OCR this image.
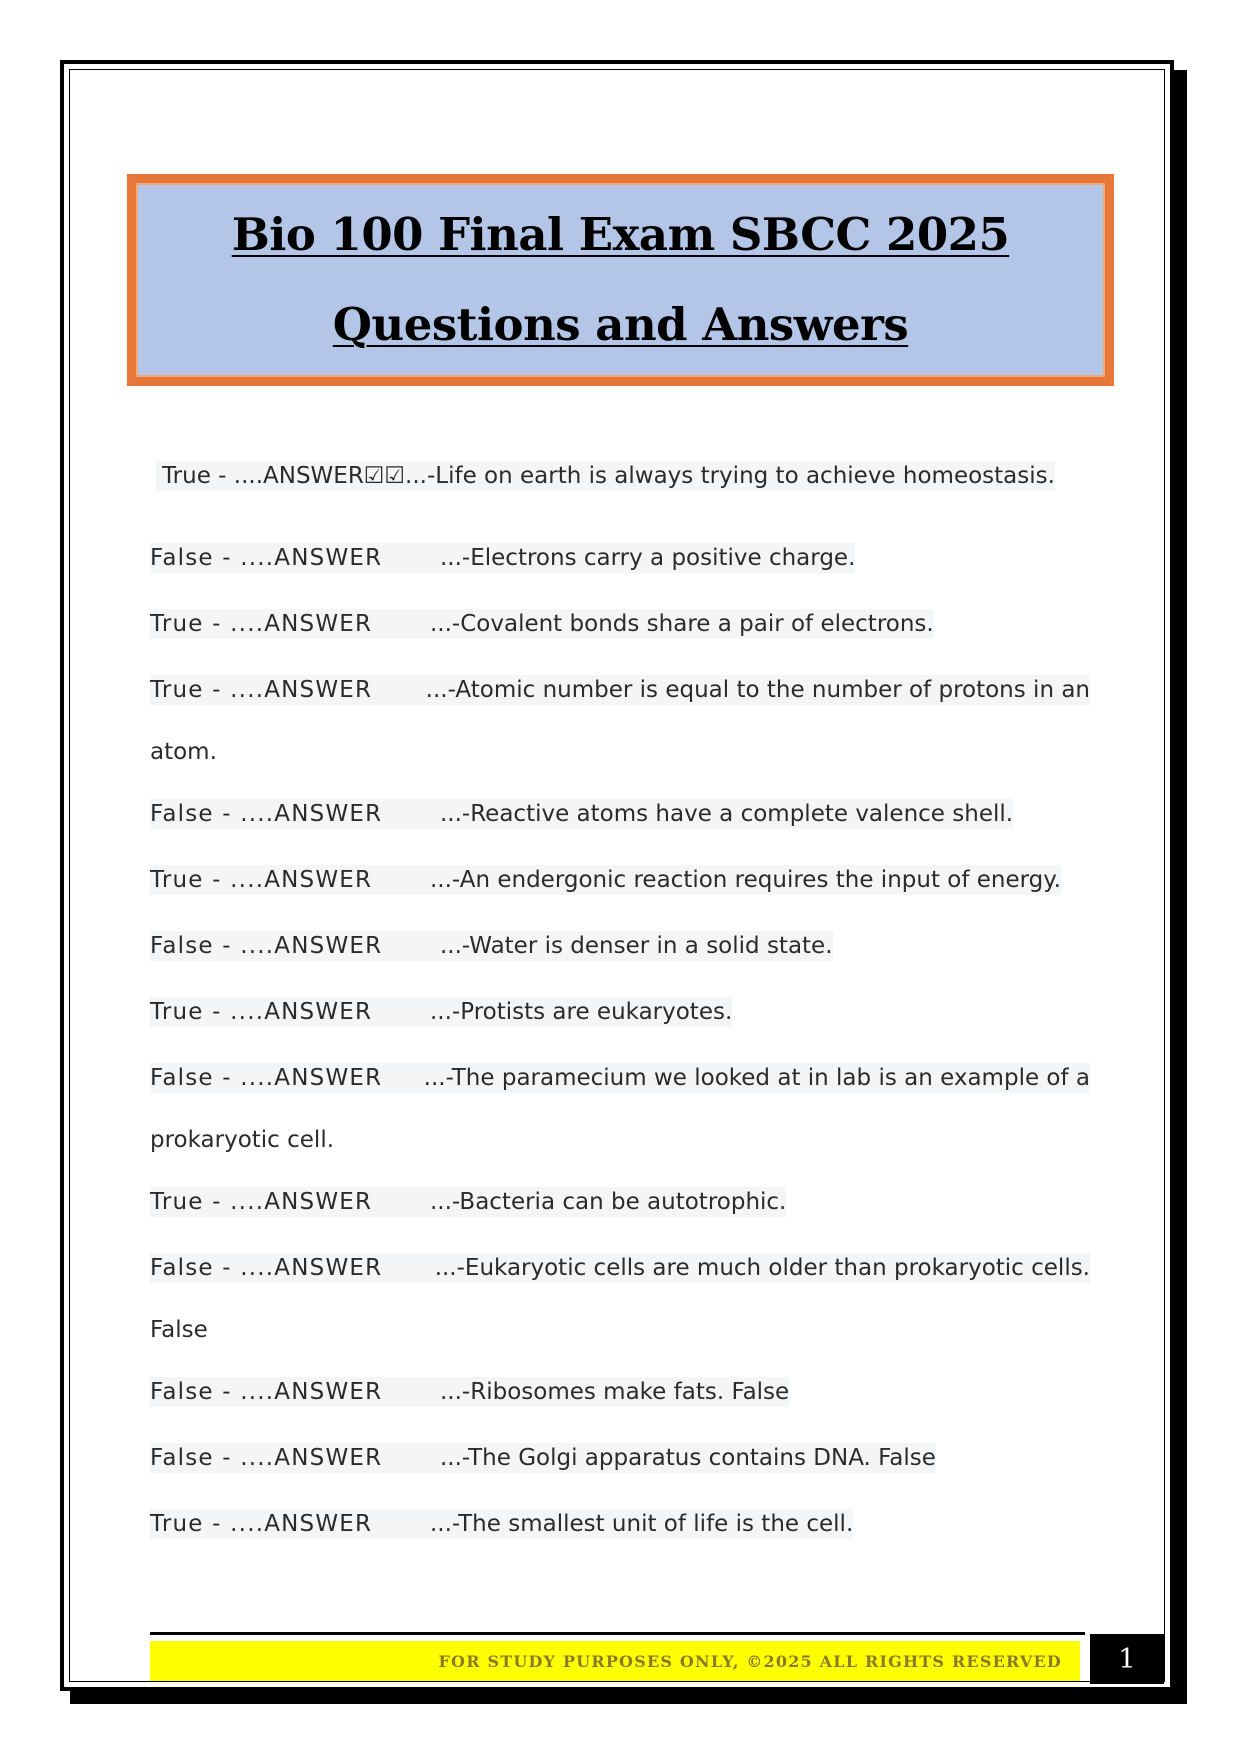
Bio 100 Final Exam SBCC 2025
Questions and Answers
True - ....ANSWER☑☑... -Life on earth is always trying to achieve homeostasis.
False - ....ANSWER	...-Electrons carry a positive charge.
True - ....ANSWER	...-Covalent bonds share a pair of electrons.
True - ....ANSWER	...-Atomic number is equal to the number of protons in an
atom.
False - ....ANSWER	...-Reactive atoms have a complete valence shell.
True - ....ANSWER	...-An endergonic reaction requires the input of energy.
False - ....ANSWER	...-Water is denser in a solid state.
True - ....ANSWER	...-Protists are eukaryotes.
False - ....ANSWER	...-The paramecium we looked at in lab is an example of a
prokaryotic cell.
True - ....ANSWER	...-Bacteria can be autotrophic.
False - ....ANSWER	...-Eukaryotic cells are much older than prokaryotic cells.
False
False - ....ANSWER	...-Ribosomes make fats. False
False - ....ANSWER	...-The Golgi apparatus contains DNA. False
True - ....ANSWER	...-The smallest unit of life is the cell.
FOR STUDY PURPOSES ONLY, ©2025 ALL RIGHTS RESERVED 1
